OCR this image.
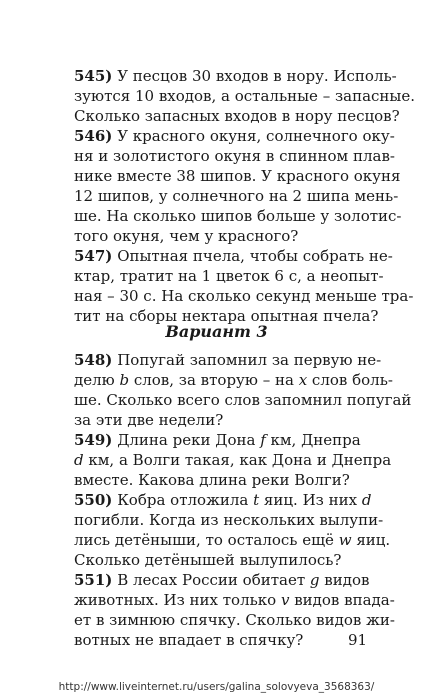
545) У песцов 30 входов в нору. Исполь-
зуются 10 входов, а остальные – запасные.
Сколько запасных входов в нору песцов?
546) У красного окуня, солнечного оку-
ня и золотистого окуня в спинном плав-
нике вместе 38 шипов. У красного окуня
12 шипов, у солнечного на 2 шипа мень-
ше. На сколько шипов больше у золотис-
того окуня, чем у красного?
547) Опытная пчела, чтобы собрать не-
ктар, тратит на 1 цветок 6 с, а неопыт-
ная – 30 с. На сколько секунд меньше тра-
тит на сборы нектара опытная пчела?
Вариант 3
548) Попугай запомнил за первую не-
делю b слов, за вторую – на x слов боль-
ше. Сколько всего слов запомнил попугай
за эти две недели?
549) Длина реки Дона f км, Днепра
d км, а Волги такая, как Дона и Днепра
вместе. Какова длина реки Волги?
550) Кобра отложила t яиц. Из них d
погибли. Когда из нескольких вылупи-
лись детёныши, то осталось ещё w яиц.
Сколько детёнышей вылупилось?
551) В лесах России обитает g видов
животных. Из них только v видов впада-
ет в зимнюю спячку. Сколько видов жи-
вотных не впадает в спячку?	91
http://www.liveinternet.ru/users/galina_solovyeva_3568363/
